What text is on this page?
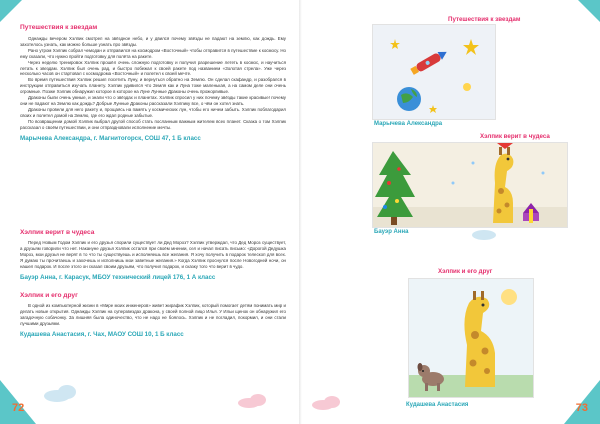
Путешествия к звездам

Однажды вечером Хэлпик смотрел на звёздное небо, и у двился почему звёзды не падают на землю, как дождь. Ему захотелось узнать, как можно больше узнать про звёзды.

Рано утром Хэлпик собрал чемодан и отправился на космодром «Восточный» чтобы отправится в путешествие к космосу. Но ему сказали, что нужно пройти подготовку для полёта на ракете.

Через неделю тренировок Хэлпик прошёл очень сложную подготовку и получил разрешение лететь в космос, и научиться летать к звездам. Хэлпик был очень рад, и быстро побежал к своей ракете под названием «Золотая стрела». Уже через несколько часов он стартовал с космодрома «Восточный» и полетел к своей мечте.

Во время путешествия Хэлпик решил посетить Луну, и вернуться обратно на Землю. Он сделал скафандр, и разобрался в инструкции отправиться изучать планету. Хэлпик удивился что Земля как и Луна тоже маленькая, а на самом деле они очень огромные. Позже Хэлпик обнаружил которое в которое на Луне Лунные Драконы очень прожорливые.

Драконы были очень умные, и знали что о звёздах и планетах. Хэлпик спросил у них почему звёзды такие красивые! почему они не падают на Землю как дождь? Добрые Лунные Драконы рассказали Хэлпику все, о чём он хотел знать.

Драконы провели для него ракету и, прощаясь на память у космических лун, чтобы его ничем забыть. Хэлпик поблагодарил своих и полетел домой на Землю, где его ждал родные забытые.

По возвращении домой Хэлпик выбрал другой способ стать посланным важным жителем всех планет. Сказка о том Хэлпик рассказал о своём путешествии, и они отпраздновали исполнение мечты.

Марычева Александра, г. Магнитогорск, СОШ 47, 1 Б класс

Хэлпик верит в чудеса

Перед Новым Годом Хэлпик и его друзья спорили существует ли Дед Мороз? Хэлпик утверждал, что Дед Мороз существует, а друзьям говорили что нет. Накануне друзья Хэлпик остался при своём мнении, сел и начал писать письмо: «Дорогой Дедушка Мороз, мои друзья не верят в то что ты существуешь и исполняешь все желания. Я хочу получить в подарок телескоп для всех. Я думаю ты прочитаешь и захочешь и исполнишь мои заветные желания.» Когда Хэлпик проснулся после Новогодней ночи, он нашел подарок. И после этого он сказал своим друзьям, что получил подарок, и сказку того что верит в чудо.

Бауэр Анна, г. Карасук, МБОУ технический лицей 176, 1 А класс

Хэлпик и его друг

В одной из компьютерной жизни в «Мире моих инженеров» живет жирафик Хэлпик, который помогает детям понимать мир и делать новые открытия. Однажды Хэлпик на суперзвездах дракона, у своей полной лицо Илья. У Ильи щенок он обнаружил его загадочную собачонку. За лишняя была одиночество, что не надо не боялось. Хэлпик и не погладил, покормил, и они стали лучшими друзьями.

Кудашева Анастасия, г. Чах, МАОУ СОШ 10, 1 Б класс

72
Путешествия к звездам
Марычева Александра
Хэлпик верит в чудеса
Бауэр Анна
Хэлпик и его друг
Кудашева Анастасия	73
